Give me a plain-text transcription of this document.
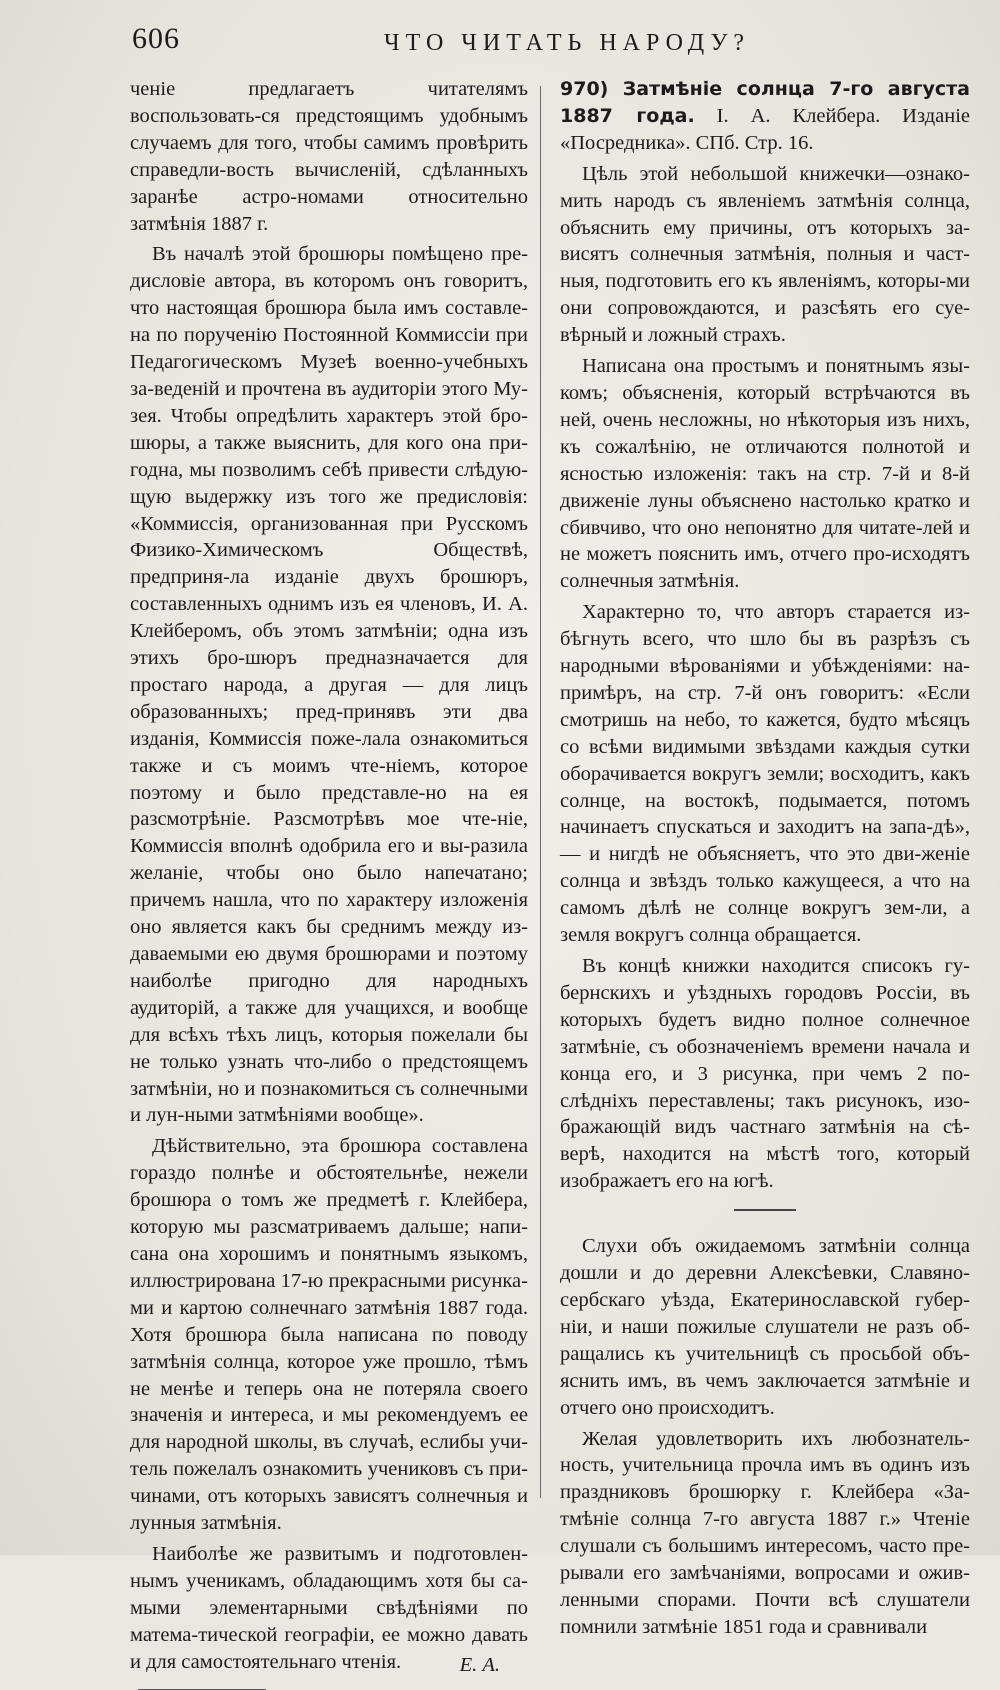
606	ЧТО ЧИТАТЬ НАРОДУ?

ченіе предлагаетъ читателямъ воспользовать-ся предстоящимъ удобнымъ случаемъ для того, чтобы самимъ провѣрить справедли-вость вычисленій, сдѣланныхъ заранѣе астро-номами относительно затмѣнія 1887 г.

Въ началѣ этой брошюры помѣщено пре-дисловіе автора, въ которомъ онъ говоритъ, что настоящая брошюра была имъ составле-на по порученію Постоянной Коммиссіи при Педагогическомъ Музеѣ военно-учебныхъ за-веденій и прочтена въ аудиторіи этого Му-зея. Чтобы опредѣлить характеръ этой бро-шюры, а также выяснить, для кого она при-годна, мы позволимъ себѣ привести слѣдую-щую выдержку изъ того же предисловія: «Коммиссія, организованная при Русскомъ Физико-Химическомъ Обществѣ, предприня-ла изданіе двухъ брошюръ, составленныхъ однимъ изъ ея членовъ, И. А. Клейберомъ, объ этомъ затмѣніи; одна изъ этихъ бро-шюръ предназначается для простаго народа, а другая — для лицъ образованныхъ; пред-принявъ эти два изданія, Коммиссія поже-лала ознакомиться также и съ моимъ чте-ніемъ, которое поэтому и было представле-но на ея разсмотрѣніе. Разсмотрѣвъ мое чте-ніе, Коммиссія вполнѣ одобрила его и вы-разила желаніе, чтобы оно было напечатано; причемъ нашла, что по характеру изложенія оно является какъ бы среднимъ между из-даваемыми ею двумя брошюрами и поэтому наиболѣе пригодно для народныхъ аудиторій, а также для учащихся, и вообще для всѣхъ тѣхъ лицъ, которыя пожелали бы не только узнать что-либо о предстоящемъ затмѣніи, но и познакомиться съ солнечными и лун-ными затмѣніями вообще».

Дѣйствительно, эта брошюра составлена гораздо полнѣе и обстоятельнѣе, нежели брошюра о томъ же предметѣ г. Клейбера, которую мы разсматриваемъ дальше; напи-сана она хорошимъ и понятнымъ языкомъ, иллюстрирована 17-ю прекрасными рисунка-ми и картою солнечнаго затмѣнія 1887 года. Хотя брошюра была написана по поводу затмѣнія солнца, которое уже прошло, тѣмъ не менѣе и теперь она не потеряла своего значенія и интереса, и мы рекомендуемъ ее для народной школы, въ случаѣ, еслибы учи-тель пожелалъ ознакомить учениковъ съ при-чинами, отъ которыхъ зависятъ солнечныя и лунныя затмѣнія.

Наиболѣе же развитымъ и подготовлен-нымъ ученикамъ, обладающимъ хотя бы са-мыми элементарными свѣдѣніями по матема-тической географіи, ее можно давать и для самостоятельнаго чтенія.	Е. А.

970) Затмѣніе солнца 7-го августа 1887 года. I. А. Клейбера. Изданіе «Посредника». СПб. Стр. 16.

Цѣль этой небольшой книжечки—ознако-мить народъ съ явленіемъ затмѣнія солнца, объяснить ему причины, отъ которыхъ за-висятъ солнечныя затмѣнія, полныя и част-ныя, подготовить его къ явленіямъ, которы-ми они сопровождаются, и разсѣять его суе-вѣрный и ложный страхъ.

Написана она простымъ и понятнымъ язы-комъ; объясненія, который встрѣчаются въ ней, очень несложны, но нѣкоторыя изъ нихъ, къ сожалѣнію, не отличаются полнотой и ясностью изложенія: такъ на стр. 7-й и 8-й движеніе луны объяснено настолько кратко и сбивчиво, что оно непонятно для читате-лей и не можетъ пояснить имъ, отчего про-исходятъ солнечныя затмѣнія.

Характерно то, что авторъ старается из-бѣгнуть всего, что шло бы въ разрѣзъ съ народными вѣрованіями и убѣжденіями: на-примѣръ, на стр. 7-й онъ говоритъ: «Если смотришь на небо, то кажется, будто мѣсяцъ со всѣми видимыми звѣздами каждыя сутки оборачивается вокругъ земли; восходитъ, какъ солнце, на востокѣ, подымается, потомъ начинаетъ спускаться и заходитъ на запа-дѣ», — и нигдѣ не объясняетъ, что это дви-женіе солнца и звѣздъ только кажущееся, а что на самомъ дѣлѣ не солнце вокругъ зем-ли, а земля вокругъ солнца обращается.

Въ концѣ книжки находится списокъ гу-бернскихъ и уѣздныхъ городовъ Россіи, въ которыхъ будетъ видно полное солнечное затмѣніе, съ обозначеніемъ времени начала и конца его, и 3 рисунка, при чемъ 2 по-слѣдніхъ переставлены; такъ рисунокъ, изо-бражающій видъ частнаго затмѣнія на сѣ-верѣ, находится на мѣстѣ того, который изображаетъ его на югѣ.

Слухи объ ожидаемомъ затмѣніи солнца дошли и до деревни Алексѣевки, Славяно-сербскаго уѣзда, Екатеринославской губер-ніи, и наши пожилые слушатели не разъ об-ращались къ учительницѣ съ просьбой объ-яснить имъ, въ чемъ заключается затмѣніе и отчего оно происходитъ.

Желая удовлетворить ихъ любознатель-ность, учительница прочла имъ въ одинъ изъ праздниковъ брошюрку г. Клейбера «За-тмѣніе солнца 7-го августа 1887 г.» Чтеніе слушали съ большимъ интересомъ, часто пре-рывали его замѣчаніями, вопросами и ожив-ленными спорами. Почти всѣ слушатели помнили затмѣніе 1851 года и сравнивали
